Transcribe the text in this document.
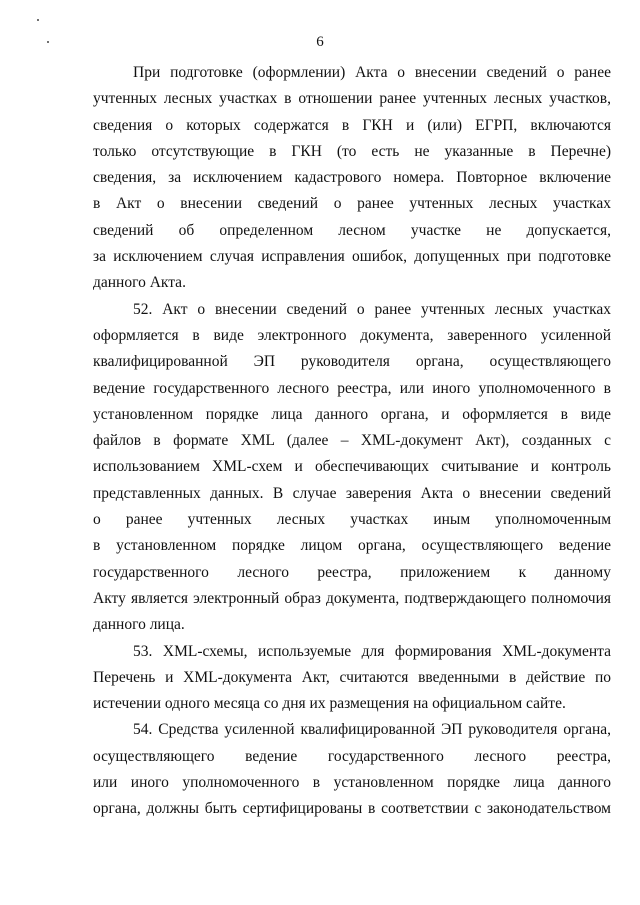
6
При подготовке (оформлении) Акта о внесении сведений о ранее
учтенных лесных участках в отношении ранее учтенных лесных участков,
сведения о которых содержатся в ГКН и (или) ЕГРП, включаются
только отсутствующие в ГКН (то есть не указанные в Перечне)
сведения, за исключением кадастрового номера. Повторное включение
в Акт о внесении сведений о ранее учтенных лесных участках
сведений об определенном лесном участке не допускается,
за исключением случая исправления ошибок, допущенных при подготовке
данного Акта.
52. Акт о внесении сведений о ранее учтенных лесных участках
оформляется в виде электронного документа, заверенного усиленной
квалифицированной ЭП руководителя органа, осуществляющего
ведение государственного лесного реестра, или иного уполномоченного в
установленном порядке лица данного органа, и оформляется в виде
файлов в формате XML (далее – XML-документ Акт), созданных с
использованием XML-схем и обеспечивающих считывание и контроль
представленных данных. В случае заверения Акта о внесении сведений
о ранее учтенных лесных участках иным уполномоченным
в установленном порядке лицом органа, осуществляющего ведение
государственного лесного реестра, приложением к данному
Акту является электронный образ документа, подтверждающего полномочия
данного лица.
53. XML-схемы, используемые для формирования XML-документа
Перечень и XML-документа Акт, считаются введенными в действие по
истечении одного месяца со дня их размещения на официальном сайте.
54. Средства усиленной квалифицированной ЭП руководителя органа,
осуществляющего ведение государственного лесного реестра,
или иного уполномоченного в установленном порядке лица данного
органа, должны быть сертифицированы в соответствии с законодательством
